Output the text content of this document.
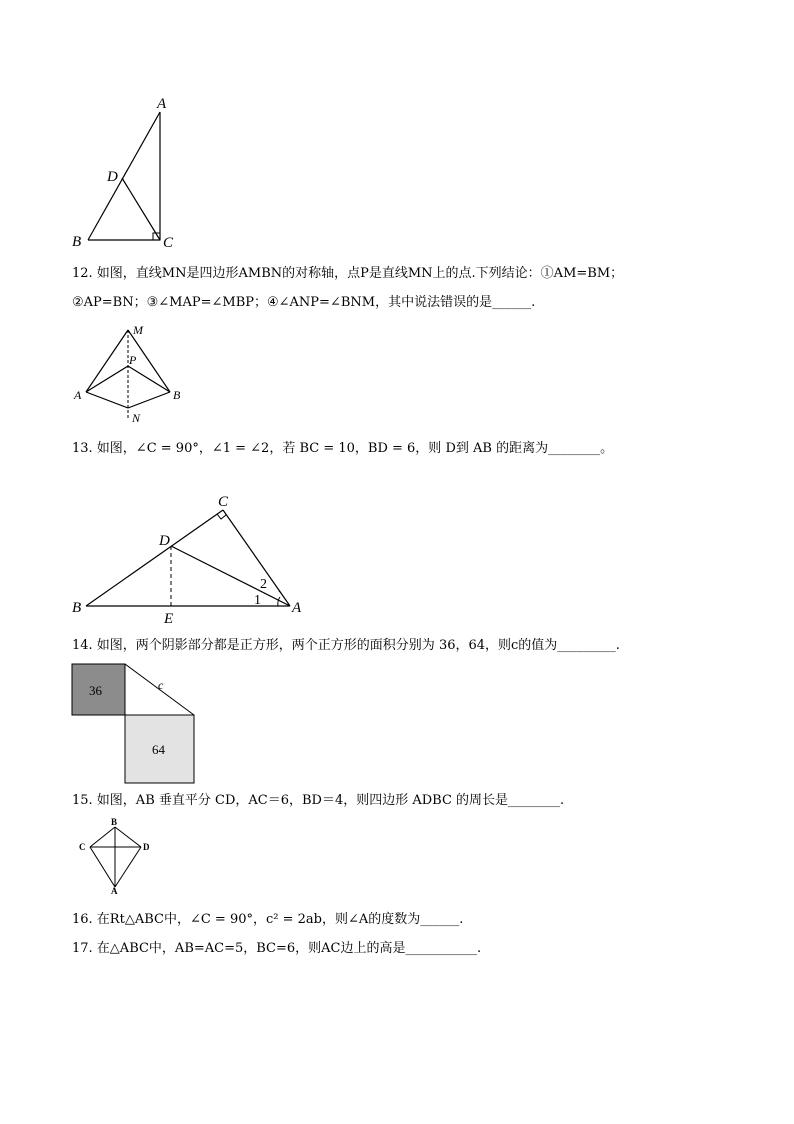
A
D
B	C
12. 如图，直线MN是四边形AMBN的对称轴，点P是直线MN上的点.下列结论：①AM=BM；
②AP=BN；③∠MAP=∠MBP；④∠ANP=∠BNM，其中说法错误的是______.
M
P
A	B
N
13. 如图，∠C = 90°，∠1 = ∠2，若 BC = 10，BD = 6，则 D到 AB 的距离为________。
C
D
B
E
A
1
2
14. 如图，两个阴影部分都是正方形，两个正方形的面积分别为 36，64，则c的值为_________.
36
64
c
15. 如图，AB 垂直平分 CD，AC＝6，BD＝4，则四边形 ADBC 的周长是________.
B
C	D
A
16. 在Rt△ABC中，∠C = 90°，c² = 2ab，则∠A的度数为______.
17. 在△ABC中，AB=AC=5，BC=6，则AC边上的高是___________.
